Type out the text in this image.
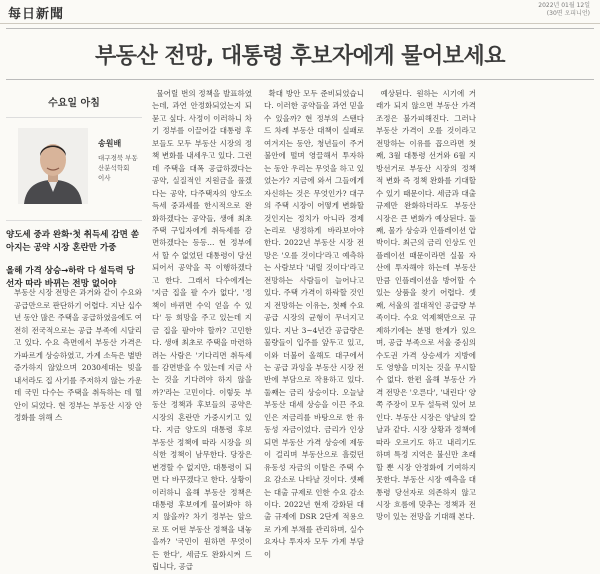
每日新聞
2022년 01월 12일
(30면 오피니언)
부동산 전망, 대통령 후보자에게 물어보세요
수요일 아침
송원배
대구경북 부동산분석학회
이사
양도세 중과 완화·첫 취득세 감면 쏟아지는 공약 시장 혼란만 가중
올해 가격 상승→하락 다 설득력 당선자 따라 바뀌는 전망 없어야
부동산 시장 전망은 과거와 같이 수요와 공급만으로 판단하기 어렵다. 지난 십수 년 동안 많은 주택을 공급하였음에도 여전히 전국적으로는 공급 부족에 시달리고 있다. 수요 측면에서 부동산 가격은 가파르게 상승하였고, 가계 소득은 별반 증가하지 않았으며 2030세대는 빚을 내서라도 집 사기를 주저하지 않는 가운데 국민 다수는 주택을 취득하는 데 혈안이 되었다. 현 정부는 부동산 시장 안정화를 위해 스

물어릴 번의 정책을 발표하였는데, 과연 안정화되었는지 되묻고 싶다. 사정이 이러하니 차기 정부를 이끌어갈 대통령 후보들도 모두 부동산 시장의 정책 변화를 내세우고 있다. 그런데 주택을 대폭 공급하겠다는 공약, 실질적인 지원금을 풀겠다는 공약, 다주택자의 양도소득세 중과세를 한시적으로 완화하겠다는 공약들, 생애 최초 주택 구입자에게 취득세를 감면하겠다는 등등… 현 정부에서 할 수 없었던 대통령이 당선되어서 공약을 꼭 이행하겠다고 한다. 그래서 다수에게는 '지금 집을 팔 수가 없다', '정책이 바뀌면 수익 얻을 수 있다' 등 희망을 주고 있는데 지금 집을 팔아야 할까? 고민한다. 생애 최초로 주택을 마련하려는 사람은 '기다리면 취득세를 감면받을 수 있는데 지금 사는 것을 기다려야 하지 않을까?'라는 고민이다. 이렇듯 부동산 정책과 후보들의 공약은 시장의 혼란만 가중시키고 있다. 지금 양도의 대통령 후보 부동산 정책에 따라 시장을 의식한 정책이 남무한다. 당장은 변경할 수 없지만, 대통령이 되면 다 바꾸겠다고 한다. 상황이 이러하니 올해 부동산 정책은 대통령 후보에게 물어봐야 하지 않을까? 차기 정부는 앞으로 또 어떤 부동산 정책을 내놓을까? '국민이 원하면 무엇이든 한다', 세금도 완화시켜 드립니다, 공급

확대 방안 모두 준비되었습니다. 이러한 공약들을 과연 믿을 수 있을까? 현 정부의 스탠다드 차례 부동산 대책이 실패로 여겨지는 동안, 청년들이 주거 불안에 떨며 영끌해서 투자하는 동안 우리는 무엇을 하고 있었는가? 지금에 와서 그들에게 자신하는 것은 무엇인가? 대구의 주택 시장이 어떻게 변화할 것인지는 정치가 아니라 경제 논리로 냉정하게 바라보아야 한다. 2022년 부동산 시장 전망은 '오를 것이다'라고 예측하는 사람보다 '내릴 것이다'라고 전망하는 사람들이 늘어나고 있다. 주택 가격이 하락할 것인지 전망하는 이유는, 첫째 수요 공급 시장의 균형이 무너지고 있다. 지난 3~4년간 공급량은 물량들이 입주를 앞두고 있고, 이와 더불어 올해도 대구에서는 공급 과잉을 부동산 시장 전반에 부담으로 작용하고 있다. 둘째는 금리 상승이다. 오늘날 부동산 대세 상승을 이끈 주요인은 저금리를 바탕으로 한 유동성 자금이었다. 금리가 인상되면 부동산 가격 상승에 제동이 걸리며 부동산으로 흘렀던 유동성 자금의 이탈은 주택 수요 감소로 나타날 것이다. 셋째는 대출 규제로 인한 수요 감소이다. 2022년 현재 강화된 대출 규제에 DSR 2단계 적용으로 가계 부채를 관리하며, 실수요자나 투자자 모두 가계 부담이

예상된다. 원하는 시기에 거래가 되지 않으면 부동산 가격 조정은 불가피해진다. 그러나 부동산 가격이 오를 것이라고 전망하는 이유를 꼽으라면 첫째, 3월 대통령 선거와 6월 지방선거로 부동산 시장의 정책적 변화 즉 정책 완화를 기대할 수 있기 때문이다. 세금과 대출 규제만 완화하더라도 부동산 시장은 큰 변화가 예상된다. 둘째, 물가 상승과 인플레이션 압박이다. 최근의 금리 인상도 인플레이션 때문이라면 실물 자산에 투자해야 하는데 부동산만큼 인플레이션을 방어할 수 있는 상품을 찾기 어렵다. 셋째, 서울의 절대적인 공급량 부족이다. 수요 억제책만으로 규제하기에는 분명 한계가 있으며, 공급 부족으로 서울 중심의 수도권 가격 상승세가 지방에도 영향을 미치는 것을 무시할 수 없다. 한편 올해 부동산 가격 전망은 '오른다', '내린다' 양쪽 주장이 모두 설득력 있어 보인다. 부동산 시장은 양날의 칼날과 같다. 시장 상황과 정책에 따라 오르기도 하고 내리기도 하며 특정 지역은 불신만 초래할 뿐 시장 안정화에 기여하지 못한다. 부동산 시장 예측을 대통령 당선자로 의존하지 않고 시장 흐름에 맞추는 정책과 전망이 있는 전망을 기대해 본다.
